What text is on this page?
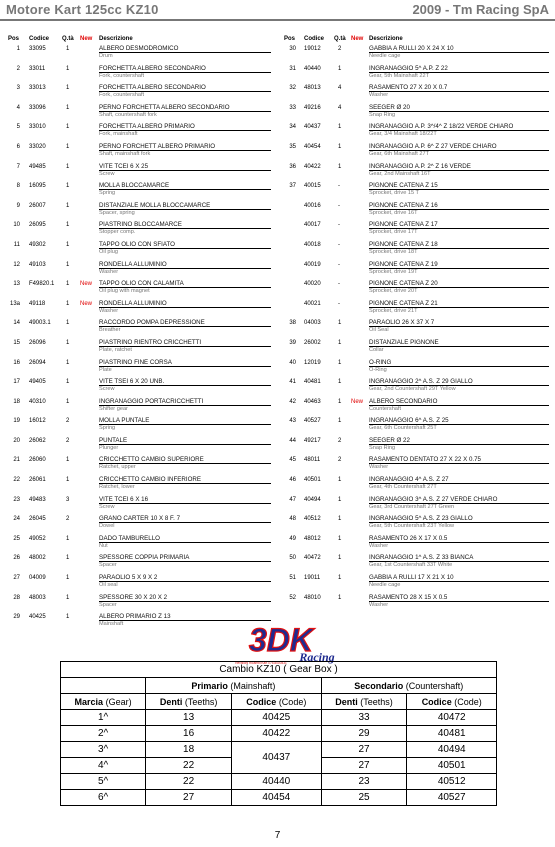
Motore Kart 125cc KZ10	2009 - Tm Racing SpA
Pos Codice Q.tà New Descrizione
1 33095	1	ALBERO DESMODROMICO
Drum
2 33011	1	FORCHETTA ALBERO SECONDARIO
Fork, countershaft
3 33013	1	FORCHETTA ALBERO SECONDARIO
Fork, countershaft
4 33096	1	PERNO FORCHETTA ALBERO SECONDARIO
Shaft, countershaft fork
5 33010	1	FORCHETTA ALBERO PRIMARIO
Fork, mainshaft
6 33020	1	PERNO FORCHETT ALBERO PRIMARIO
Shaft, mainshaft fork
7 49485	1	VITE TCEI 6 X 25
Screw
8 16095	1	MOLLA BLOCCAMARCE
Spring
9 26007	1	DISTANZIALE MOLLA BLOCCAMARCE
Spacer, spring
10 26095	1	PIASTRINO BLOCCAMARCE
Stopper comp.
11 49302	1	TAPPO OLIO CON SFIATO
Oil plug
12 49103	1	RONDELLA ALLUMINIO
Washer
13 F49820.1 1 New TAPPO OLIO CON CALAMITA
Oil plug with magnet
13a 49118	1 New RONDELLA ALLUMINIO
Washer
14 49003.1	1	RACCORDO POMPA DEPRESSIONE
Breather
15 26096	1	PIASTRINO RIENTRO CRICCHETTI
Plate, ratchet
16 26094	1	PIASTRINO FINE CORSA
Plate
17 49405	1	VITE TSEI 6 X 20 UNB.
Screw
18 40310	1	INGRANAGGIO PORTACRICCHETTI
Shifter gear
19 16012	2	MOLLA PUNTALE
Spring
20 26062	2	PUNTALE
Plunger
21 26060	1	CRICCHETTO CAMBIO SUPERIORE
Ratchet, upper
22 26061	1	CRICCHETTO CAMBIO INFERIORE
Ratchet, lower
23 49483	3	VITE TCEI 6 X 16
Screw
24 26045	2	GRANO CARTER 10 X 8 F. 7
Dowel
25 49052	1	DADO TAMBURELLO
Nut
26 48002	1	SPESSORE COPPIA PRIMARIA
Spacer
27 04009	1	PARAOLIO 5 X 9 X 2
Oil seal
28 48003	1	SPESSORE 30 X 20 X 2
Spacer
29 40425	1	ALBERO PRIMARIO Z 13
Mainshaft
Pos Codice Q.tà New Descrizione
30 19012	2	GABBIA A RULLI 20 X 24 X 10
Needle cage
31 40440	1	INGRANAGGIO 5^ A.P. Z 22
Gear, 5th Mainshaft 22T
32 48013	4	RASAMENTO 27 X 20 X 0.7
Washer
33 49216	4	SEEGER Ø 20
Snap Ring
34 40437	1	INGRANAGGIO A.P. 3^/4^ Z 18/22 VERDE CHIARO
Gear, 3/4 Mainshaft 18/22T
35 40454	1	INGRANAGGIO A.P. 6^ Z 27 VERDE CHIARO
Gear, 6th Mainshaft 27T
36 40422	1	INGRANAGGIO A.P. 2^ Z 16 VERDE
Gear, 2nd Mainshaft 16T
37 40015	-	PIGNONE CATENA Z 15
Sprocket, drive 15 T
40016	-	PIGNONE CATENA Z 16
Sprocket, drive 16T
40017	-	PIGNONE CATENA Z 17
Sprocket, drive 17T
40018	-	PIGNONE CATENA Z 18
Sprocket, drive 18T
40019	-	PIGNONE CATENA Z 19
Sprocket, drive 19T
40020	-	PIGNONE CATENA Z 20
Sprocket, drive 20T
40021	-	PIGNONE CATENA Z 21
Sprocket, drive 21T
38 04003	1	PARAOLIO 26 X 37 X 7
Oil Seal
39 26002	1	DISTANZIALE PIGNONE
Collar
40 12019	1	O-RING
O-Ring
41 40481	1	INGRANAGGIO 2^ A.S. Z 29 GIALLO
Gear, 2nd Countershaft 29T Yellow
42 40463	1 New ALBERO SECONDARIO
Countershaft
43 40527	1	INGRANAGGIO 6^ A.S. Z 25
Gear, 6th Countershaft 25T
44 49217	2	SEEGER Ø 22
Snap Ring
45 48011	2	RASAMENTO DENTATO 27 X 22 X 0.75
Washer
46 40501	1	INGRANAGGIO 4^ A.S. Z 27
Gear, 4th Countershaft 27T
47 40494	1	INGRANAGGIO 3^ A.S. Z 27 VERDE CHIARO
Gear, 3rd Countershaft 27T Green
48 40512	1	INGRANAGGIO 5^ A.S. Z 23 GIALLO
Gear, 5th Countershaft 23T Yellow
49 48012	1	RASAMENTO 26 X 17 X 0.5
Washer
50 40472	1	INGRANAGGIO 1^ A.S. Z 33 BIANCA
Gear, 1st Countershaft 33T White
51 19011	1	GABBIA A RULLI 17 X 21 X 10
Needle cage
52 48010	1	RASAMENTO 28 X 15 X 0.5
Washer
3DK
Racing
Revisioni Ricambi Kart 075.8000431
Cambio KZ10 ( Gear Box )				
	Primario (Mainshaft)		Secondario (Countershaft)	
Marcia (Gear)	Denti (Teeths)	Codice (Code)	Denti (Teeths)	Codice (Code)
1^	13	40425	33	40472
2^	16	40422	29	40481
3^	18	40437	27	40494
4^	22		27	40501
5^	22	40440	23	40512
6^	27	40454	25	40527
7
